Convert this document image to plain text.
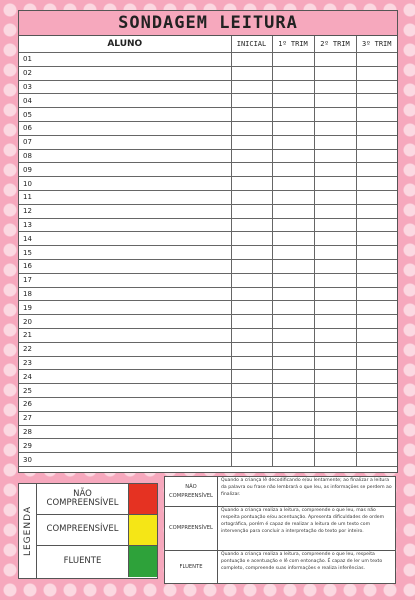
SONDAGEM LEITURA
ALUNO	INICIAL	1º TRIM	2º TRIM	3º TRIM
01				
02				
03				
04				
05				
06				
07				
08				
09				
10				
11				
12				
13				
14				
15				
16				
17				
18				
19				
20				
21				
22				
23				
24				
25				
26				
27				
28				
29				
30				
LEGENDA
NÃO COMPREENSÍVEL
COMPREENSÍVEL
FLUENTE
NÃO COMPREENSÍVEL
Quando a criança lê decodificando e/ou lentamente; ao finalizar a leitura da palavra ou frase não lembrará o que leu, as informações se perdem ao finalizar.
COMPREENSÍVEL
Quando a criança realiza a leitura, compreende o que leu, mas não respeita pontuação e/ou acentuação. Apresenta dificuldades de ordem ortográfica, porém é capaz de realizar a leitura de um texto com intervenção para concluir a interpretação do texto por inteiro.
FLUENTE
Quando a criança realiza a leitura, compreende o que leu, respeita pontuação e acentuação e lê com entonação. É capaz de ler um texto completo, compreende suas informações e realiza inferências.
